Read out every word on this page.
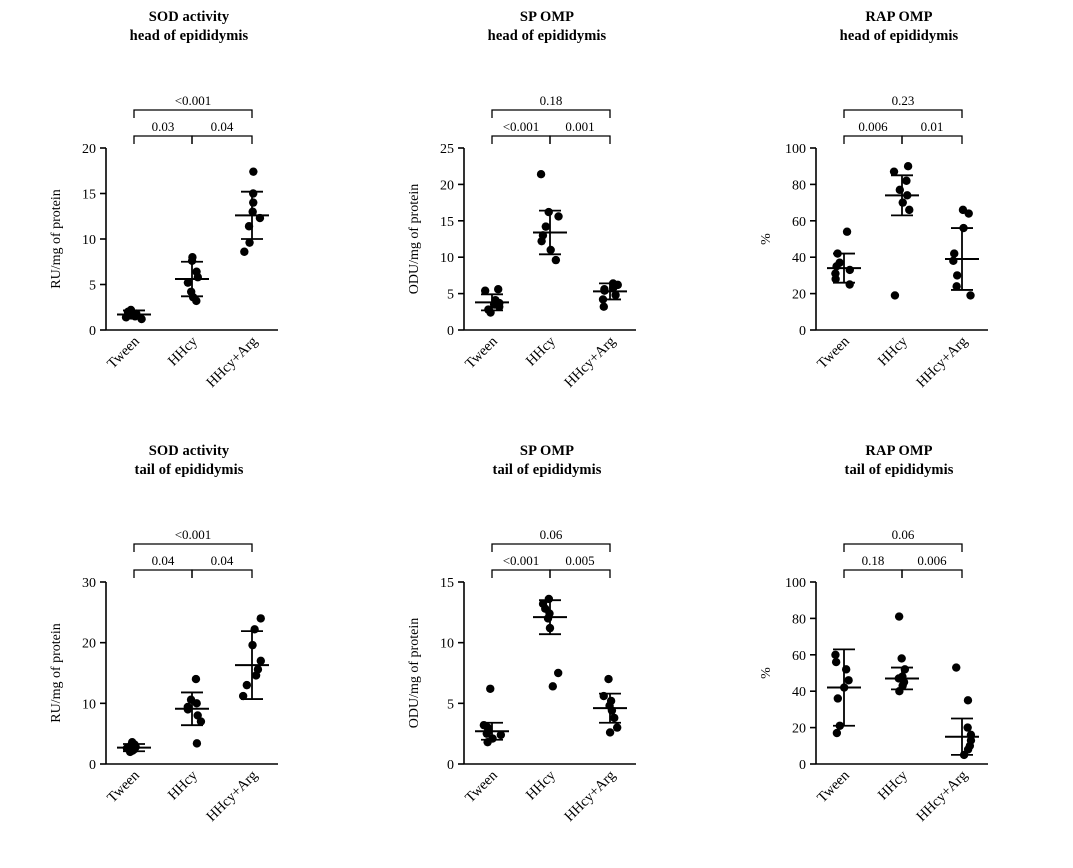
SOD activity
head of epididymis
0
5
10
15
20
RU/mg of protein
Tween HHcy HHcy+Arg
0.03	0.04
<0.001
SP OMP
head of epididymis
0
5
10
15
20
25
ODU/mg of protein
Tween HHcy HHcy+Arg
<0.001 0.001
0.18
RAP OMP
head of epididymis
0
20
40
60
80
100
%
Tween HHcy HHcy+Arg
0.006	0.01
0.23
SOD activity
tail of epididymis
0
10
20
30
RU/mg of protein
Tween HHcy HHcy+Arg
0.04	0.04
<0.001
SP OMP
tail of epididymis
0
5
10
15
ODU/mg of protein
Tween HHcy HHcy+Arg
<0.001 0.005
0.06
RAP OMP
tail of epididymis
0
20
40
60
80
100
%
Tween HHcy HHcy+Arg
0.18	0.006
0.06
